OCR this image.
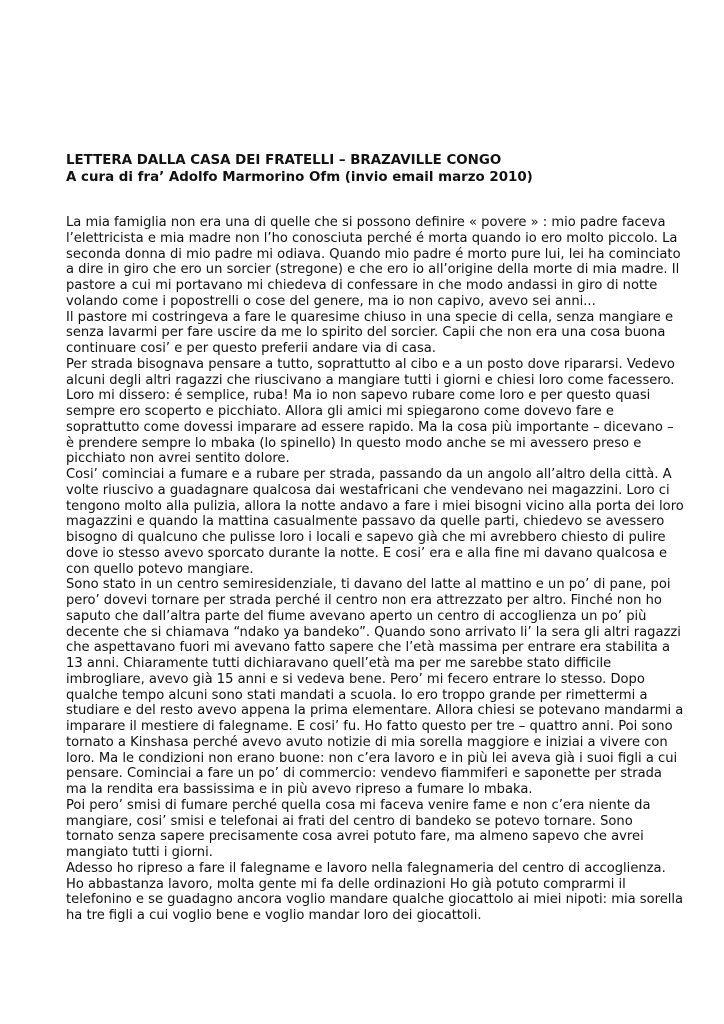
LETTERA DALLA CASA DEI FRATELLI – BRAZAVILLE CONGO
A cura di fra’ Adolfo Marmorino Ofm (invio email marzo 2010)
La mia famiglia non era una di quelle che si possono definire « povere » : mio padre faceva
l’elettricista e mia madre non l’ho conosciuta perché é morta quando io ero molto piccolo. La
seconda donna di mio padre mi odiava. Quando mio padre é morto pure lui, lei ha cominciato
a dire in giro che ero un sorcier (stregone) e che ero io all’origine della morte di mia madre. Il
pastore a cui mi portavano mi chiedeva di confessare in che modo andassi in giro di notte
volando come i popostrelli o cose del genere, ma io non capivo, avevo sei anni...
Il pastore mi costringeva a fare le quaresime chiuso in una specie di cella, senza mangiare e
senza lavarmi per fare uscire da me lo spirito del sorcier. Capii che non era una cosa buona
continuare cosi’ e per questo preferii andare via di casa.
Per strada bisognava pensare a tutto, soprattutto al cibo e a un posto dove ripararsi. Vedevo
alcuni degli altri ragazzi che riuscivano a mangiare tutti i giorni e chiesi loro come facessero.
Loro mi dissero: é semplice, ruba! Ma io non sapevo rubare come loro e per questo quasi
sempre ero scoperto e picchiato. Allora gli amici mi spiegarono come dovevo fare e
soprattutto come dovessi imparare ad essere rapido. Ma la cosa più importante – dicevano –
è prendere sempre lo mbaka (lo spinello) In questo modo anche se mi avessero preso e
picchiato non avrei sentito dolore.
Cosi’ cominciai a fumare e a rubare per strada, passando da un angolo all’altro della città. A
volte riuscivo a guadagnare qualcosa dai westafricani che vendevano nei magazzini. Loro ci
tengono molto alla pulizia, allora la notte andavo a fare i miei bisogni vicino alla porta dei loro
magazzini e quando la mattina casualmente passavo da quelle parti, chiedevo se avessero
bisogno di qualcuno che pulisse loro i locali e sapevo già che mi avrebbero chiesto di pulire
dove io stesso avevo sporcato durante la notte. E cosi’ era e alla fine mi davano qualcosa e
con quello potevo mangiare.
Sono stato in un centro semiresidenziale, ti davano del latte al mattino e un po’ di pane, poi
pero’ dovevi tornare per strada perché il centro non era attrezzato per altro. Finché non ho
saputo che dall’altra parte del fiume avevano aperto un centro di accoglienza un po’ più
decente che si chiamava “ndako ya bandeko”. Quando sono arrivato li’ la sera gli altri ragazzi
che aspettavano fuori mi avevano fatto sapere che l’età massima per entrare era stabilita a
13 anni. Chiaramente tutti dichiaravano quell’età ma per me sarebbe stato difficile
imbrogliare, avevo già 15 anni e si vedeva bene. Pero’ mi fecero entrare lo stesso. Dopo
qualche tempo alcuni sono stati mandati a scuola. Io ero troppo grande per rimettermi a
studiare e del resto avevo appena la prima elementare. Allora chiesi se potevano mandarmi a
imparare il mestiere di falegname. E cosi’ fu. Ho fatto questo per tre – quattro anni. Poi sono
tornato a Kinshasa perché avevo avuto notizie di mia sorella maggiore e iniziai a vivere con
loro. Ma le condizioni non erano buone: non c’era lavoro e in più lei aveva già i suoi figli a cui
pensare. Cominciai a fare un po’ di commercio: vendevo fiammiferi e saponette per strada
ma la rendita era bassissima e in più avevo ripreso a fumare lo mbaka.
Poi pero’ smisi di fumare perché quella cosa mi faceva venire fame e non c’era niente da
mangiare, cosi’ smisi e telefonai ai frati del centro di bandeko se potevo tornare. Sono
tornato senza sapere precisamente cosa avrei potuto fare, ma almeno sapevo che avrei
mangiato tutti i giorni.
Adesso ho ripreso a fare il falegname e lavoro nella falegnameria del centro di accoglienza.
Ho abbastanza lavoro, molta gente mi fa delle ordinazioni Ho già potuto comprarmi il
telefonino e se guadagno ancora voglio mandare qualche giocattolo ai miei nipoti: mia sorella
ha tre figli a cui voglio bene e voglio mandar loro dei giocattoli.
